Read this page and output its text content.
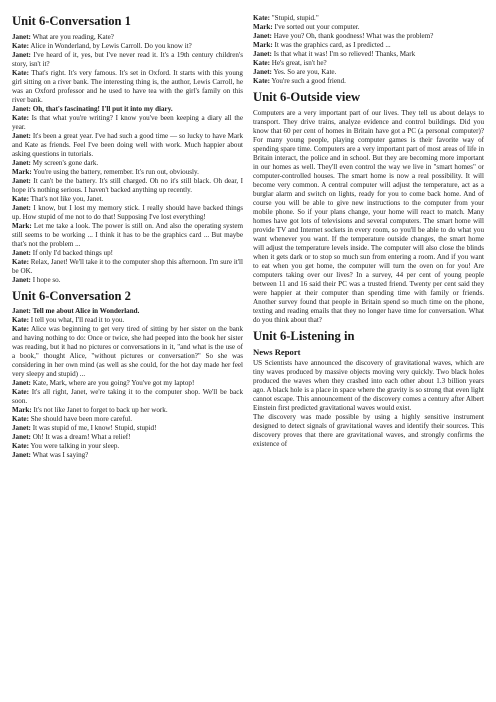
Unit 6-Conversation 1

Janet: What are you reading, Kate?

Kate: Alice in Wonderland, by Lewis Carroll. Do you know it?

Janet: I've heard of it, yes, but I've never read it. It's a 19th century children's story, isn't it?

Kate: That's right. It's very famous. It's set in Oxford. It starts with this young girl sitting on a river bank. The interesting thing is, the author, Lewis Carroll, he was an Oxford professor and he used to have tea with the girl's family on this river bank.

Janet: Oh, that's fascinating! I'll put it into my diary.

Kate: Is that what you're writing? I know you've been keeping a diary all the year.

Janet: It's been a great year. I've had such a good time — so lucky to have Mark and Kate as friends. Feel I've been doing well with work. Much happier about asking questions in tutorials.

Janet: My screen's gone dark.

Mark: You're using the battery, remember. It's run out, obviously.

Janet: It can't be the battery. It's still charged. Oh no it's still black. Oh dear, I hope it's nothing serious. I haven't backed anything up recently.

Kate: That's not like you, Janet.

Janet: I know, but I lost my memory stick. I really should have backed things up. How stupid of me not to do that! Supposing I've lost everything!

Mark: Let me take a look. The power is still on. And also the operating system still seems to be working ... I think it has to be the graphics card ... But maybe that's not the problem ...

Janet: If only I'd backed things up!

Kate: Relax, Janet! We'll take it to the computer shop this afternoon. I'm sure it'll be OK.

Janet: I hope so.

Unit 6-Conversation 2

Janet: Tell me about Alice in Wonderland.

Kate: I tell you what, I'll read it to you.

Kate: Alice was beginning to get very tired of sitting by her sister on the bank and having nothing to do: Once or twice, she had peeped into the book her sister was reading, but it had no pictures or conversations in it, "and what is the use of a book," thought Alice, "without pictures or conversation?" So she was considering in her own mind (as well as she could, for the hot day made her feel very sleepy and stupid) ...

Janet: Kate, Mark, where are you going? You've got my laptop!

Kate: It's all right, Janet, we're taking it to the computer shop. We'll be back soon.

Mark: It's not like Janet to forget to back up her work.

Kate: She should have been more careful.

Janet: It was stupid of me, I know! Stupid, stupid!

Janet: Oh! It was a dream! What a relief!

Kate: You were talking in your sleep.

Janet: What was I saying?

Kate: "Stupid, stupid."

Mark: I've sorted out your computer.

Janet: Have you? Oh, thank goodness! What was the problem?

Mark: It was the graphics card, as I predicted ...

Janet: Is that what it was! I'm so relieved! Thanks, Mark

Kate: He's great, isn't he?

Janet: Yes. So are you, Kate.

Kate: You're such a good friend.

Unit 6-Outside view

Computers are a very important part of our lives. They tell us about delays to transport. They drive trains, analyze evidence and control buildings. Did you know that 60 per cent of homes in Britain have got a PC (a personal computer)? For many young people, playing computer games is their favorite way of spending spare time. Computers are a very important part of most areas of life in Britain interact, the police and in school. But they are becoming more important in our homes as well. They'll even control the way we live in "smart homes" or computer-controlled houses. The smart home is now a real possibility. It will become very common. A central computer will adjust the temperature, act as a burglar alarm and switch on lights, ready for you to come back home. And of course you will be able to give new instructions to the computer from your mobile phone. So if your plans change, your home will react to match. Many homes have got lots of televisions and several computers. The smart home will provide TV and Internet sockets in every room, so you'll be able to do what you want whenever you want. If the temperature outside changes, the smart home will adjust the temperature levels inside. The computer will also close the blinds when it gets dark or to stop so much sun from entering a room. And if you want to eat when you get home, the computer will turn the oven on for you! Are computers taking over our lives? In a survey, 44 per cent of young people between 11 and 16 said their PC was a trusted friend. Twenty per cent said they were happier at their computer than spending time with family or friends. Another survey found that people in Britain spend so much time on the phone, texting and reading emails that they no longer have time for conversation. What do you think about that?

Unit 6-Listening in
News Report

US Scientists have announced the discovery of gravitational waves, which are tiny waves produced by massive objects moving very quickly. Two black holes produced the waves when they crashed into each other about 1.3 billion years ago. A black hole is a place in space where the gravity is so strong that even light cannot escape. This announcement of the discovery comes a century after Albert Einstein first predicted gravitational waves would exist.

The discovery was made possible by using a highly sensitive instrument designed to detect signals of gravitational waves and identify their sources. This discovery proves that there are gravitational waves, and strongly confirms the existence of
